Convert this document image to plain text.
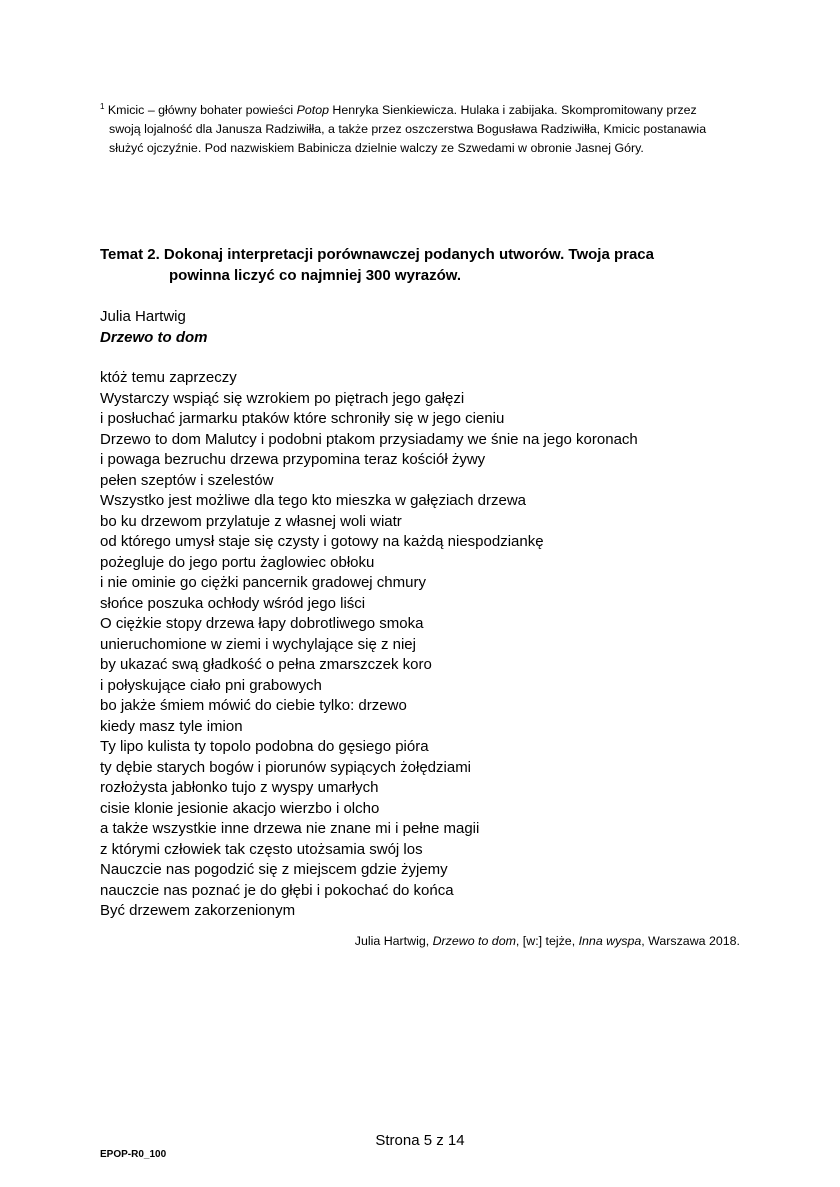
$^1$ Kmicic – główny bohater powieści Potop Henryka Sienkiewicza. Hulaka i zabijaka. Skompromitowany przez
swoją lojalność dla Janusza Radziwiłła, a także przez oszczerstwa Bogusława Radziwiłła, Kmicic postanawia
służyć ojczyźnie. Pod nazwiskiem Babinicza dzielnie walczy ze Szwedami w obronie Jasnej Góry.
Temat 2. Dokonaj interpretacji porównawczej podanych utworów. Twoja praca
powinna liczyć co najmniej 300 wyrazów.
Julia Hartwig
Drzewo to dom
któż temu zaprzeczy
Wystarczy wspiąć się wzrokiem po piętrach jego gałęzi
i posłuchać jarmarku ptaków które schroniły się w jego cieniu
Drzewo to dom Malutcy i podobni ptakom przysiadamy we śnie na jego koronach
i powaga bezruchu drzewa przypomina teraz kościół żywy
pełen szeptów i szelestów
Wszystko jest możliwe dla tego kto mieszka w gałęziach drzewa
bo ku drzewom przylatuje z własnej woli wiatr
od którego umysł staje się czysty i gotowy na każdą niespodziankę
pożegluje do jego portu żaglowiec obłoku
i nie ominie go ciężki pancernik gradowej chmury
słońce poszuka ochłody wśród jego liści
O ciężkie stopy drzewa łapy dobrotliwego smoka
unieruchomione w ziemi i wychylające się z niej
by ukazać swą gładkość o pełna zmarszczek koro
i połyskujące ciało pni grabowych
bo jakże śmiem mówić do ciebie tylko: drzewo
kiedy masz tyle imion
Ty lipo kulista ty topolo podobna do gęsiego pióra
ty dębie starych bogów i piorunów sypiących żołędziami
rozłożysta jabłonko tujo z wyspy umarłych
cisie klonie jesionie akacjo wierzbo i olcho
a także wszystkie inne drzewa nie znane mi i pełne magii
z którymi człowiek tak często utożsamia swój los
Nauczcie nas pogodzić się z miejscem gdzie żyjemy
nauczcie nas poznać je do głębi i pokochać do końca
Być drzewem zakorzenionym
Julia Hartwig, Drzewo to dom, [w:] tejże, Inna wyspa, Warszawa 2018.
Strona 5 z 14
EPOP-R0_100
